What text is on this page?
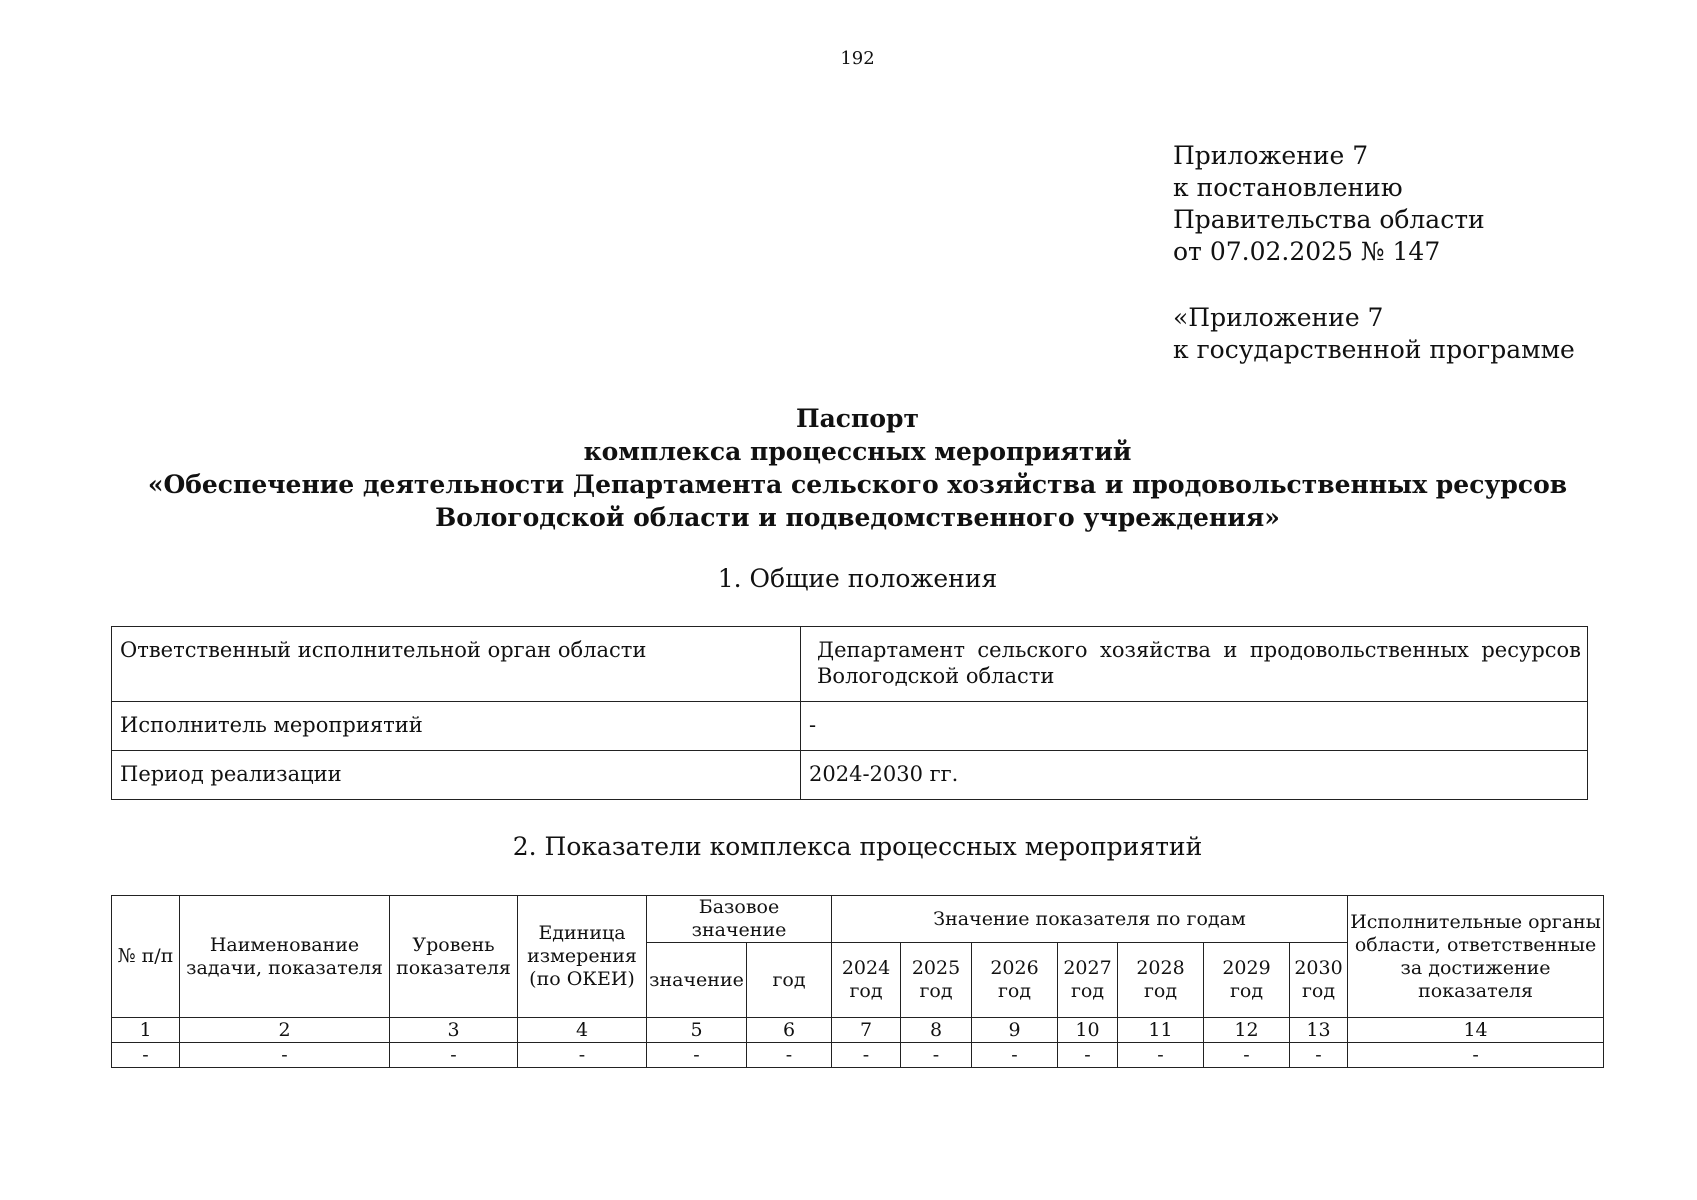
192
Приложение 7
к постановлению
Правительства области
от 07.02.2025 № 147
«Приложение 7
к государственной программе
Паспорт
комплекса процессных мероприятий
«Обеспечение деятельности Департамента сельского хозяйства и продовольственных ресурсов
Вологодской области и подведомственного учреждения»
1. Общие положения
Ответственный исполнительной орган области	Департамент сельского хозяйства и продовольственных ресурсов Вологодской области
Исполнитель мероприятий	-
Период реализации	2024-2030 гг.
2. Показатели комплекса процессных мероприятий
№ п/п	Наименование задачи, показателя	Уровень показателя	Единица измерения (по ОКЕИ)	Базовое значение		Значение показателя по годам							Исполнительные органы области, ответственные за достижение показателя
				значение	год	2024 год	2025 год	2026 год	2027 год	2028 год	2029 год	2030 год	
1	2	3	4	5	6	7	8	9	10	11	12	13	14
-	-	-	-	-	-	-	-	-	-	-	-	-	-
